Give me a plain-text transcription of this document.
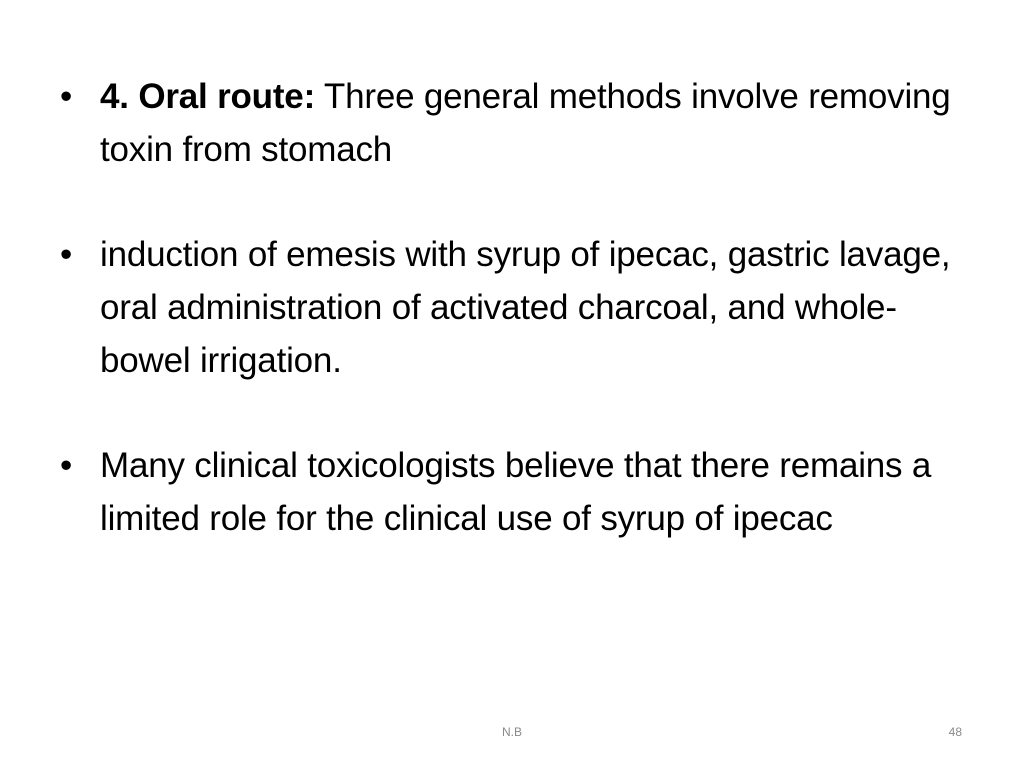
• 4. Oral route: Three general methods involve removing toxin from stomach
• induction of emesis with syrup of ipecac, gastric lavage, oral administration of activated charcoal, and whole-bowel irrigation.
• Many clinical toxicologists believe that there remains a limited role for the clinical use of syrup of ipecac
N.B	48
